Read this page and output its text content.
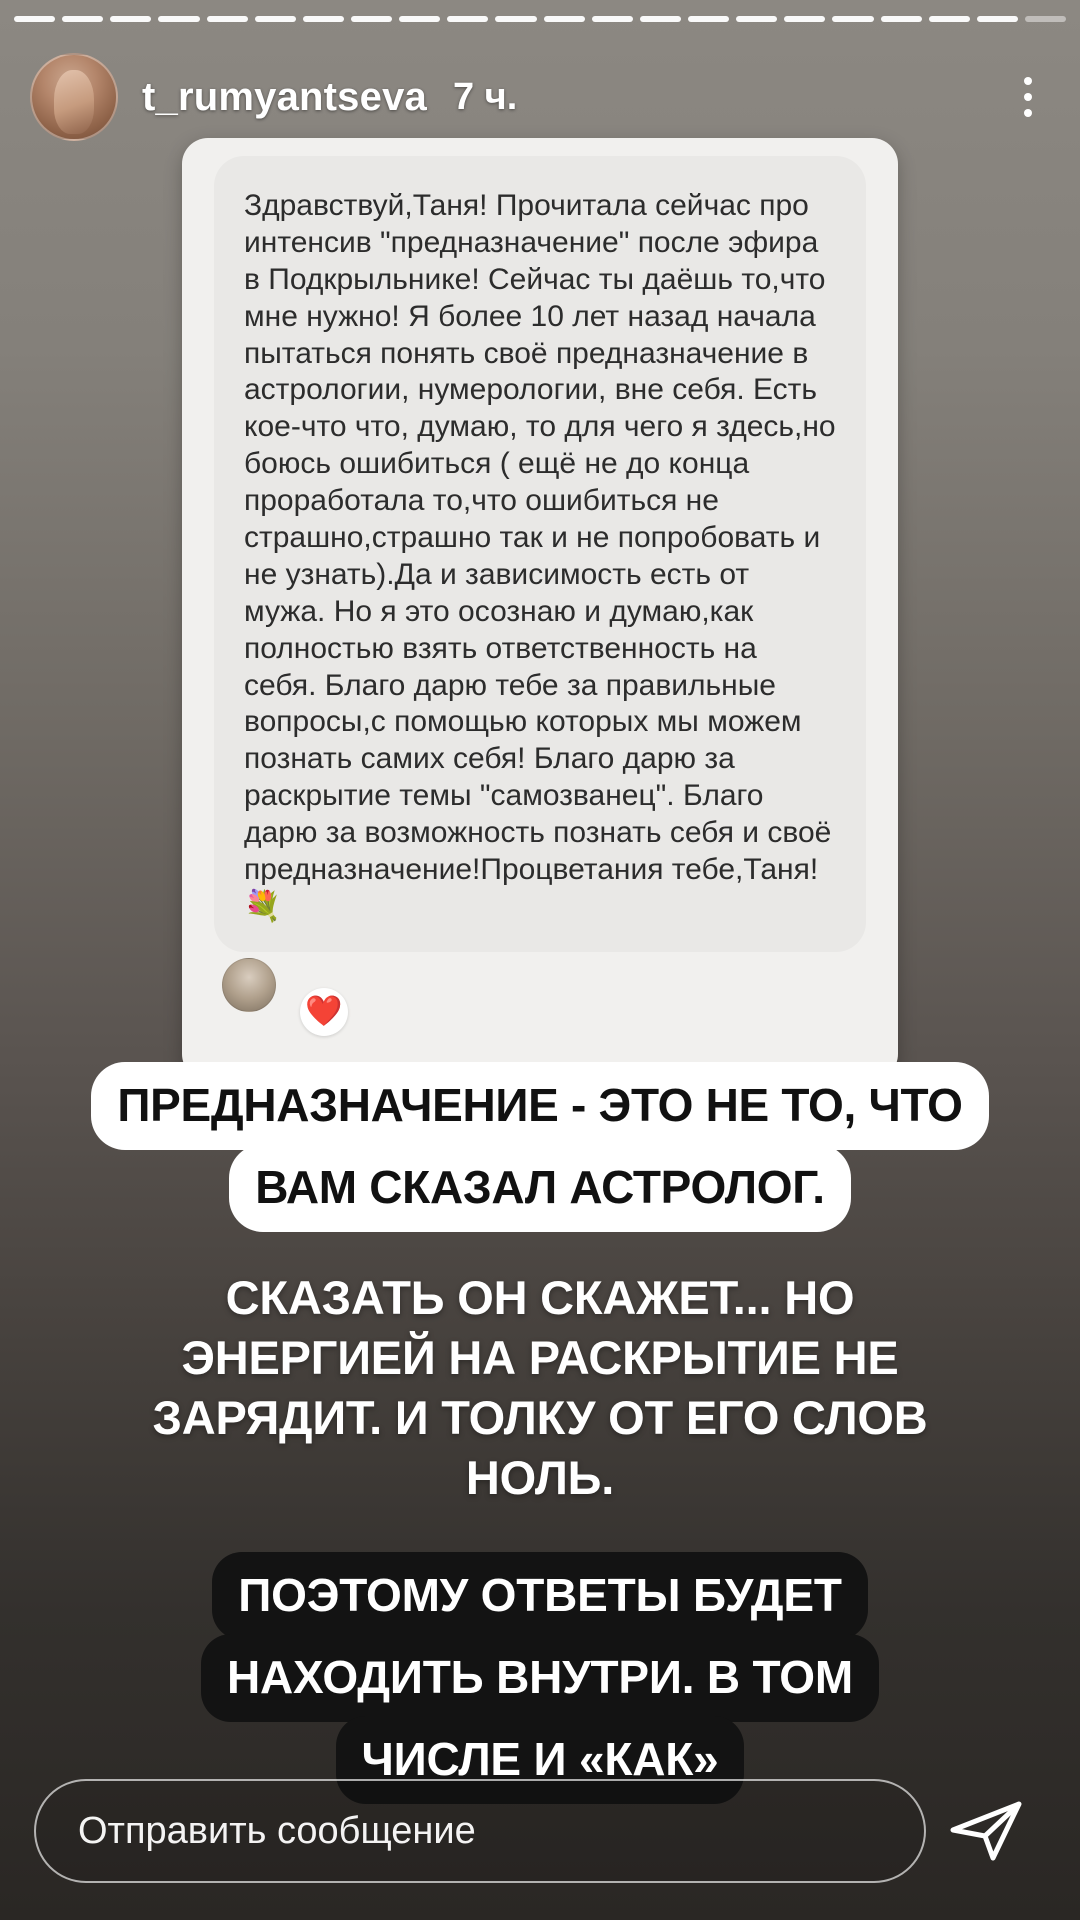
t_rumyantseva 7 ч.
Здравствуй,Таня! Прочитала сейчас про интенсив "предназначение" после эфира в Подкрыльнике! Сейчас ты даёшь то,что мне нужно! Я более 10 лет назад начала пытаться понять своё предназначение в астрологии, нумерологии, вне себя. Есть кое-что что, думаю, то для чего я здесь,но боюсь ошибиться ( ещё не до конца проработала то,что ошибиться не страшно,страшно так и не попробовать и не узнать).Да и зависимость есть от мужа. Но я это осознаю и думаю,как полностью взять ответственность на себя. Благо дарю тебе за правильные вопросы,с помощью которых мы можем познать самих себя! Благо дарю за раскрытие темы "самозванец". Благо дарю за возможность познать себя и своё предназначение!Процветания тебе,Таня!💐
❤️
ПРЕДНАЗНАЧЕНИЕ - ЭТО НЕ ТО, ЧТОВАМ СКАЗАЛ АСТРОЛОГ.
СКАЗАТЬ ОН СКАЖЕТ... НО
ЭНЕРГИЕЙ НА РАСКРЫТИЕ НЕ
ЗАРЯДИТ. И ТОЛКУ ОТ ЕГО СЛОВ
НОЛЬ.
ПОЭТОМУ ОТВЕТЫ БУДЕТНАХОДИТЬ ВНУТРИ. В ТОМЧИСЛЕ И «КАК»
Отправить сообщение
